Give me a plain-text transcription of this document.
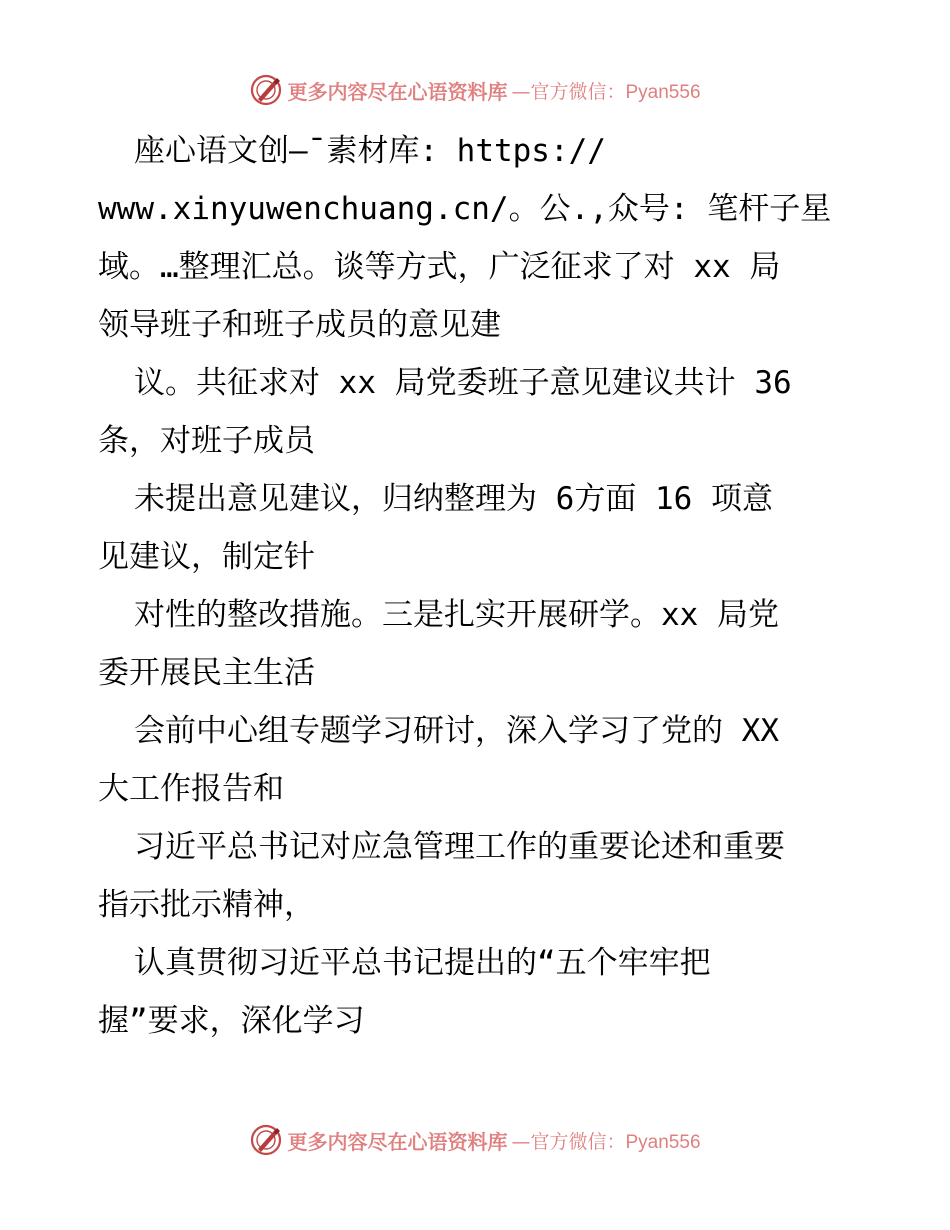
更多内容尽在心语资料库 —官方微信：Pyan556
座心语文创—¯素材库: https://
www.xinyuwenchuang.cn/。公.,众号: 笔杆子星
域。…整理汇总。谈等方式，广泛征求了对 xx 局
领导班子和班子成员的意见建
议。共征求对 xx 局党委班子意见建议共计 36
条，对班子成员
未提出意见建议，归纳整理为 6方面 16 项意
见建议，制定针
对性的整改措施。三是扎实开展研学。xx 局党
委开展民主生活
会前中心组专题学习研讨，深入学习了党的 XX
大工作报告和
习近平总书记对应急管理工作的重要论述和重要
指示批示精神，
认真贯彻习近平总书记提出的“五个牢牢把
握”要求，深化学习
更多内容尽在心语资料库 —官方微信：Pyan556
